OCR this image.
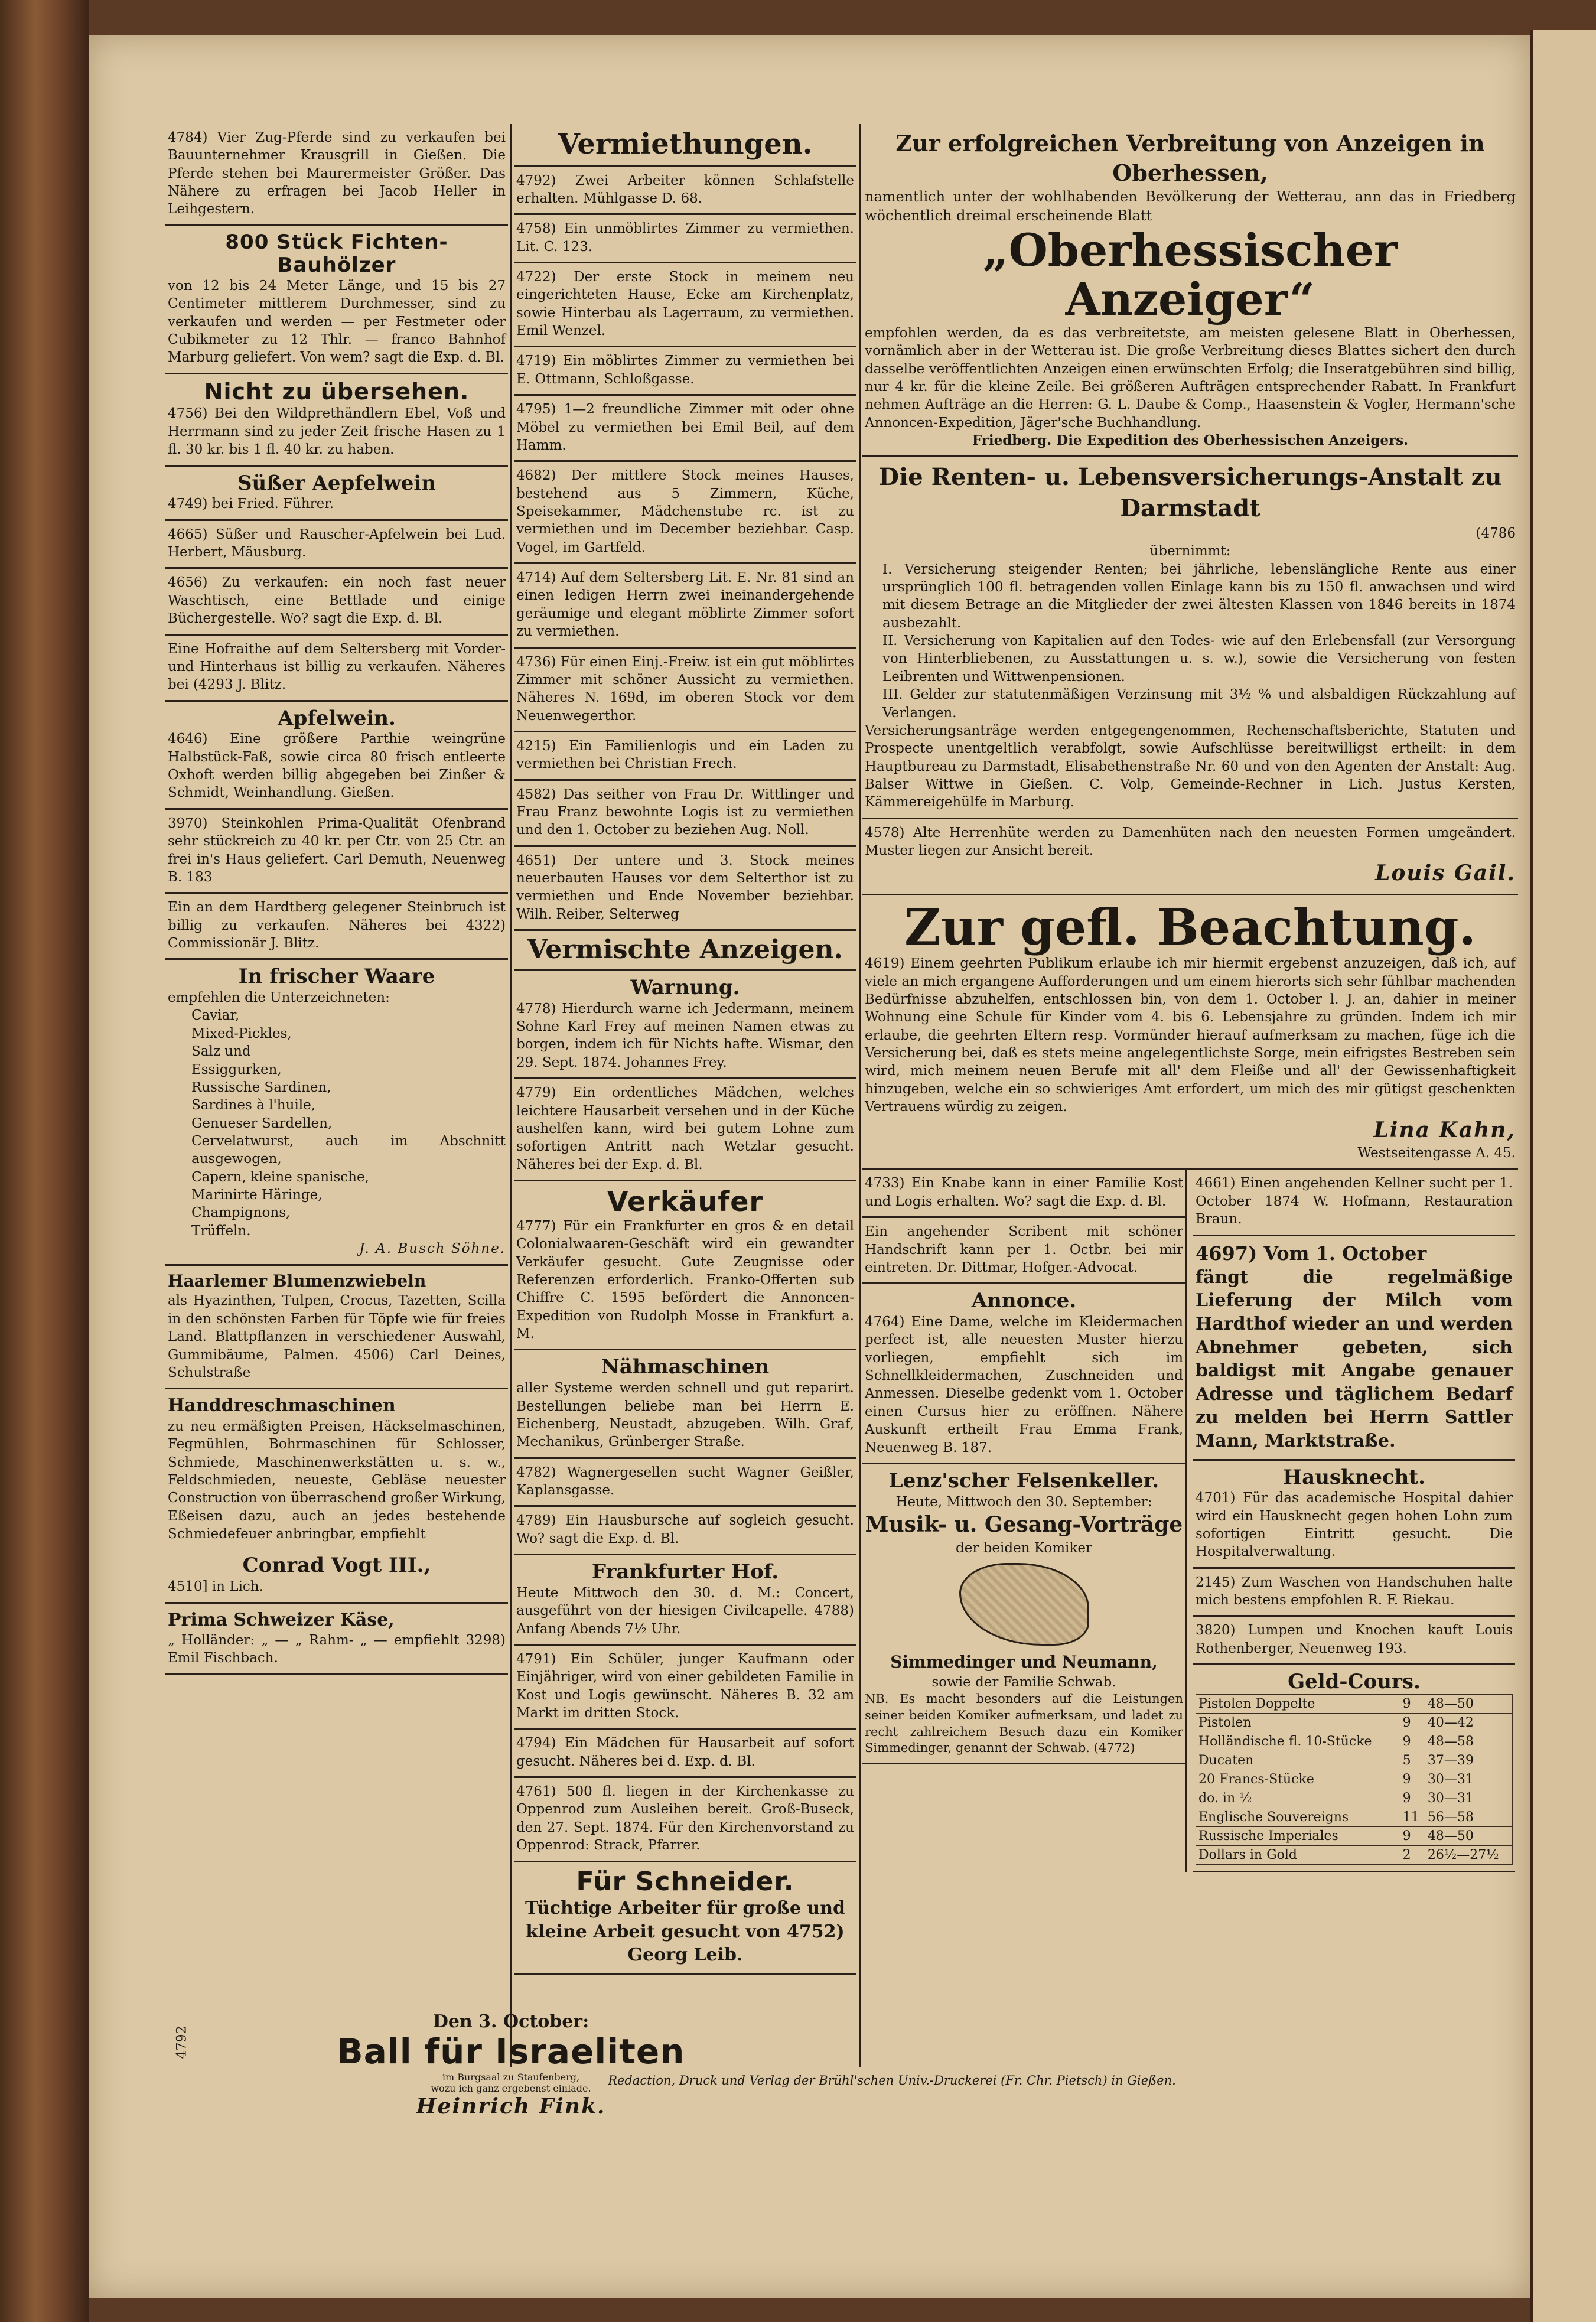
4784) Vier Zug-Pferde sind zu verkaufen bei Bauunternehmer Krausgrill in Gießen. Die Pferde stehen bei Maurermeister Größer. Das Nähere zu erfragen bei Jacob Heller in Leihgestern.
800 Stück Fichten-Bauhölzer
von 12 bis 24 Meter Länge, und 15 bis 27 Centimeter mittlerem Durchmesser, sind zu verkaufen und werden — per Festmeter oder Cubikmeter zu 12 Thlr. — franco Bahnhof Marburg geliefert. Von wem? sagt die Exp. d. Bl.
Nicht zu übersehen.
4756) Bei den Wildprethändlern Ebel, Voß und Herrmann sind zu jeder Zeit frische Hasen zu 1 fl. 30 kr. bis 1 fl. 40 kr. zu haben.
Süßer Aepfelwein
4749) bei Fried. Führer.
4665) Süßer und Rauscher-Apfelwein bei Lud. Herbert, Mäusburg.
4656) Zu verkaufen: ein noch fast neuer Waschtisch, eine Bettlade und einige Büchergestelle. Wo? sagt die Exp. d. Bl.
Eine Hofraithe auf dem Seltersberg mit Vorder- und Hinterhaus ist billig zu verkaufen. Näheres bei (4293 J. Blitz.
Apfelwein.
4646) Eine größere Parthie weingrüne Halbstück-Faß, sowie circa 80 frisch entleerte Oxhoft werden billig abgegeben bei Zinßer & Schmidt, Weinhandlung. Gießen.
3970) Steinkohlen Prima-Qualität Ofenbrand sehr stückreich zu 40 kr. per Ctr. von 25 Ctr. an frei in's Haus geliefert. Carl Demuth, Neuenweg B. 183
Ein an dem Hardtberg gelegener Steinbruch ist billig zu verkaufen. Näheres bei 4322) Commissionär J. Blitz.
In frischer Waare
empfehlen die Unterzeichneten:
Caviar,
Mixed-Pickles,
Salz und
Essiggurken,
Russische Sardinen,
Sardines à l'huile,
Genueser Sardellen,
Cervelatwurst, auch im Abschnitt ausgewogen,
Capern, kleine spanische,
Marinirte Häringe,
Champignons,
Trüffeln.
J. A. Busch Söhne.
Haarlemer Blumenzwiebeln
als Hyazinthen, Tulpen, Crocus, Tazetten, Scilla in den schönsten Farben für Töpfe wie für freies Land. Blattpflanzen in verschiedener Auswahl, Gummibäume, Palmen. 4506) Carl Deines, Schulstraße
Handdreschmaschinen
zu neu ermäßigten Preisen, Häckselmaschinen, Fegmühlen, Bohrmaschinen für Schlosser, Schmiede, Maschinenwerkstätten u. s. w., Feldschmieden, neueste, Gebläse neuester Construction von überraschend großer Wirkung, Eßeisen dazu, auch an jedes bestehende Schmiedefeuer anbringbar, empfiehlt
Conrad Vogt III.,
4510] in Lich.
Prima Schweizer Käse,
„ Holländer: „ — „ Rahm- „ — empfiehlt 3298) Emil Fischbach.
Vermiethungen.
4792) Zwei Arbeiter können Schlafstelle erhalten. Mühlgasse D. 68.
4758) Ein unmöblirtes Zimmer zu vermiethen. Lit. C. 123.
4722) Der erste Stock in meinem neu eingerichteten Hause, Ecke am Kirchenplatz, sowie Hinterbau als Lagerraum, zu vermiethen. Emil Wenzel.
4719) Ein möblirtes Zimmer zu vermiethen bei E. Ottmann, Schloßgasse.
4795) 1—2 freundliche Zimmer mit oder ohne Möbel zu vermiethen bei Emil Beil, auf dem Hamm.
4682) Der mittlere Stock meines Hauses, bestehend aus 5 Zimmern, Küche, Speisekammer, Mädchenstube rc. ist zu vermiethen und im December beziehbar. Casp. Vogel, im Gartfeld.
4714) Auf dem Seltersberg Lit. E. Nr. 81 sind an einen ledigen Herrn zwei ineinandergehende geräumige und elegant möblirte Zimmer sofort zu vermiethen.
4736) Für einen Einj.-Freiw. ist ein gut möblirtes Zimmer mit schöner Aussicht zu vermiethen. Näheres N. 169d, im oberen Stock vor dem Neuenwegerthor.
4215) Ein Familienlogis und ein Laden zu vermiethen bei Christian Frech.
4582) Das seither von Frau Dr. Wittlinger und Frau Franz bewohnte Logis ist zu vermiethen und den 1. October zu beziehen Aug. Noll.
4651) Der untere und 3. Stock meines neuerbauten Hauses vor dem Selterthor ist zu vermiethen und Ende November beziehbar. Wilh. Reiber, Selterweg
Vermischte Anzeigen.
Warnung.
4778) Hierdurch warne ich Jedermann, meinem Sohne Karl Frey auf meinen Namen etwas zu borgen, indem ich für Nichts hafte. Wismar, den 29. Sept. 1874. Johannes Frey.
4779) Ein ordentliches Mädchen, welches leichtere Hausarbeit versehen und in der Küche aushelfen kann, wird bei gutem Lohne zum sofortigen Antritt nach Wetzlar gesucht. Näheres bei der Exp. d. Bl.
Verkäufer
4777) Für ein Frankfurter en gros & en detail Colonialwaaren-Geschäft wird ein gewandter Verkäufer gesucht. Gute Zeugnisse oder Referenzen erforderlich. Franko-Offerten sub Chiffre C. 1595 befördert die Annoncen-Expedition von Rudolph Mosse in Frankfurt a. M.
Nähmaschinen
aller Systeme werden schnell und gut reparirt. Bestellungen beliebe man bei Herrn E. Eichenberg, Neustadt, abzugeben. Wilh. Graf, Mechanikus, Grünberger Straße.
4782) Wagnergesellen sucht Wagner Geißler, Kaplansgasse.
4789) Ein Hausbursche auf sogleich gesucht. Wo? sagt die Exp. d. Bl.
Frankfurter Hof.
Heute Mittwoch den 30. d. M.: Concert, ausgeführt von der hiesigen Civilcapelle. 4788) Anfang Abends 7½ Uhr.
4791) Ein Schüler, junger Kaufmann oder Einjähriger, wird von einer gebildeten Familie in Kost und Logis gewünscht. Näheres B. 32 am Markt im dritten Stock.
4794) Ein Mädchen für Hausarbeit auf sofort gesucht. Näheres bei d. Exp. d. Bl.
4761) 500 fl. liegen in der Kirchenkasse zu Oppenrod zum Ausleihen bereit. Groß-Buseck, den 27. Sept. 1874. Für den Kirchenvorstand zu Oppenrod: Strack, Pfarrer.
Für Schneider.
Tüchtige Arbeiter für große und kleine Arbeit gesucht von 4752) Georg Leib.
Zur erfolgreichen Verbreitung von Anzeigen in Oberhessen,
namentlich unter der wohlhabenden Bevölkerung der Wetterau, ann das in Friedberg wöchentlich dreimal erscheinende Blatt
„Oberhessischer Anzeiger“
empfohlen werden, da es das verbreitetste, am meisten gelesene Blatt in Oberhessen, vornämlich aber in der Wetterau ist. Die große Verbreitung dieses Blattes sichert den durch dasselbe veröffentlichten Anzeigen einen erwünschten Erfolg; die Inseratgebühren sind billig, nur 4 kr. für die kleine Zeile. Bei größeren Aufträgen entsprechender Rabatt. In Frankfurt nehmen Aufträge an die Herren: G. L. Daube & Comp., Haasenstein & Vogler, Hermann'sche Annoncen-Expedition, Jäger'sche Buchhandlung.
Friedberg. Die Expedition des Oberhessischen Anzeigers.
Die Renten- u. Lebensversicherungs-Anstalt zu Darmstadt
(4786
übernimmt:
I. Versicherung steigender Renten; bei jährliche, lebenslängliche Rente aus einer ursprünglich 100 fl. betragenden vollen Einlage kann bis zu 150 fl. anwachsen und wird mit diesem Betrage an die Mitglieder der zwei ältesten Klassen von 1846 bereits in 1874 ausbezahlt.
II. Versicherung von Kapitalien auf den Todes- wie auf den Erlebensfall (zur Versorgung von Hinterbliebenen, zu Ausstattungen u. s. w.), sowie die Versicherung von festen Leibrenten und Wittwenpensionen.
III. Gelder zur statutenmäßigen Verzinsung mit 3½ % und alsbaldigen Rückzahlung auf Verlangen.
Versicherungsanträge werden entgegengenommen, Rechenschaftsberichte, Statuten und Prospecte unentgeltlich verabfolgt, sowie Aufschlüsse bereitwilligst ertheilt: in dem Hauptbureau zu Darmstadt, Elisabethenstraße Nr. 60 und von den Agenten der Anstalt: Aug. Balser Wittwe in Gießen. C. Volp, Gemeinde-Rechner in Lich. Justus Kersten, Kämmereigehülfe in Marburg.
4578) Alte Herrenhüte werden zu Damenhüten nach den neuesten Formen umgeändert. Muster liegen zur Ansicht bereit.
Louis Gail.
Zur gefl. Beachtung.
4619) Einem geehrten Publikum erlaube ich mir hiermit ergebenst anzuzeigen, daß ich, auf viele an mich ergangene Aufforderungen und um einem hierorts sich sehr fühlbar machenden Bedürfnisse abzuhelfen, entschlossen bin, von dem 1. October l. J. an, dahier in meiner Wohnung eine Schule für Kinder vom 4. bis 6. Lebensjahre zu gründen. Indem ich mir erlaube, die geehrten Eltern resp. Vormünder hierauf aufmerksam zu machen, füge ich die Versicherung bei, daß es stets meine angelegentlichste Sorge, mein eifrigstes Bestreben sein wird, mich meinem neuen Berufe mit all' dem Fleiße und all' der Gewissenhaftigkeit hinzugeben, welche ein so schwieriges Amt erfordert, um mich des mir gütigst geschenkten Vertrauens würdig zu zeigen.
Lina Kahn,
Westseitengasse A. 45.
4733) Ein Knabe kann in einer Familie Kost und Logis erhalten. Wo? sagt die Exp. d. Bl.
Ein angehender Scribent mit schöner Handschrift kann per 1. Octbr. bei mir eintreten. Dr. Dittmar, Hofger.-Advocat.
Annonce.
4764) Eine Dame, welche im Kleidermachen perfect ist, alle neuesten Muster hierzu vorliegen, empfiehlt sich im Schnellkleidermachen, Zuschneiden und Anmessen. Dieselbe gedenkt vom 1. October einen Cursus hier zu eröffnen. Nähere Auskunft ertheilt Frau Emma Frank, Neuenweg B. 187.
Lenz'scher Felsenkeller.
Heute, Mittwoch den 30. September:
Musik- u. Gesang-Vorträge
der beiden Komiker
Simmedinger und Neumann,
sowie der Familie Schwab.
NB. Es macht besonders auf die Leistungen seiner beiden Komiker aufmerksam, und ladet zu recht zahlreichem Besuch dazu ein Komiker Simmedinger, genannt der Schwab. (4772)
4661) Einen angehenden Kellner sucht per 1. October 1874 W. Hofmann, Restauration Braun.
4697) Vom 1. October
fängt die regelmäßige Lieferung der Milch vom Hardthof wieder an und werden Abnehmer gebeten, sich baldigst mit Angabe genauer Adresse und täglichem Bedarf zu melden bei Herrn Sattler Mann, Marktstraße.
Hausknecht.
4701) Für das academische Hospital dahier wird ein Hausknecht gegen hohen Lohn zum sofortigen Eintritt gesucht. Die Hospitalverwaltung.
2145) Zum Waschen von Handschuhen halte mich bestens empfohlen R. F. Riekau.
3820) Lumpen und Knochen kauft Louis Rothenberger, Neuenweg 193.
Geld-Cours.
Pistolen Doppelte	9	48—50
Pistolen	9	40—42
Holländische fl. 10-Stücke	9	48—58
Ducaten	5	37—39
20 Francs-Stücke	9	30—31
do. in ½	9	30—31
Englische Souvereigns	11	56—58
Russische Imperiales	9	48—50
Dollars in Gold	2	26½—27½
Den 3. October:
Ball für Israeliten
im Burgsaal zu Staufenberg,
wozu ich ganz ergebenst einlade.
Heinrich Fink.
4792
Redaction, Druck und Verlag der Brühl'schen Univ.-Druckerei (Fr. Chr. Pietsch) in Gießen.
